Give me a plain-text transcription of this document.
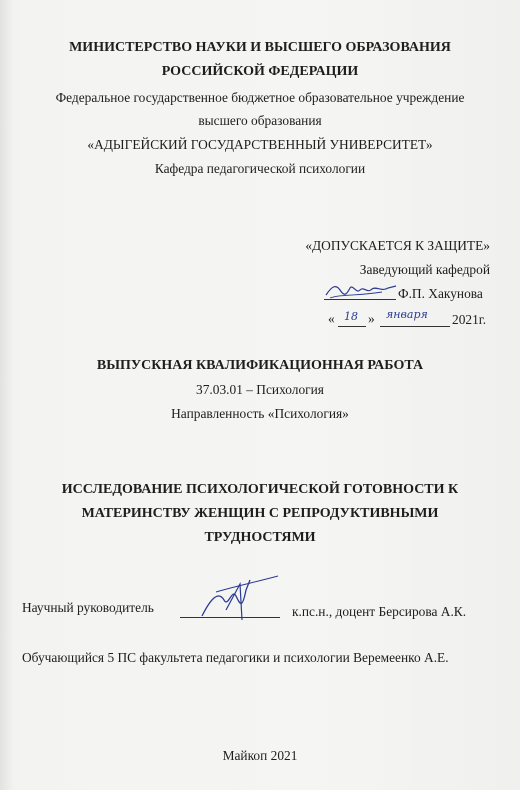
МИНИСТЕРСТВО НАУКИ И ВЫСШЕГО ОБРАЗОВАНИЯ
РОССИЙСКОЙ ФЕДЕРАЦИИ
Федеральное государственное бюджетное образовательное учреждение
высшего образования
«АДЫГЕЙСКИЙ ГОСУДАРСТВЕННЫЙ УНИВЕРСИТЕТ»
Кафедра педагогической психологии
«ДОПУСКАЕТСЯ К ЗАЩИТЕ»
Заведующий кафедрой
Ф.П. Хакунова
« 18 » января 2021г.
ВЫПУСКНАЯ КВАЛИФИКАЦИОННАЯ РАБОТА
37.03.01 – Психология
Направленность «Психология»
ИССЛЕДОВАНИЕ ПСИХОЛОГИЧЕСКОЙ ГОТОВНОСТИ К
МАТЕРИНСТВУ ЖЕНЩИН С РЕПРОДУКТИВНЫМИ
ТРУДНОСТЯМИ
Научный руководитель	к.пс.н., доцент Берсирова А.К.
Обучающийся 5 ПС факультета педагогики и психологии Веремеенко А.Е.
Майкоп 2021
